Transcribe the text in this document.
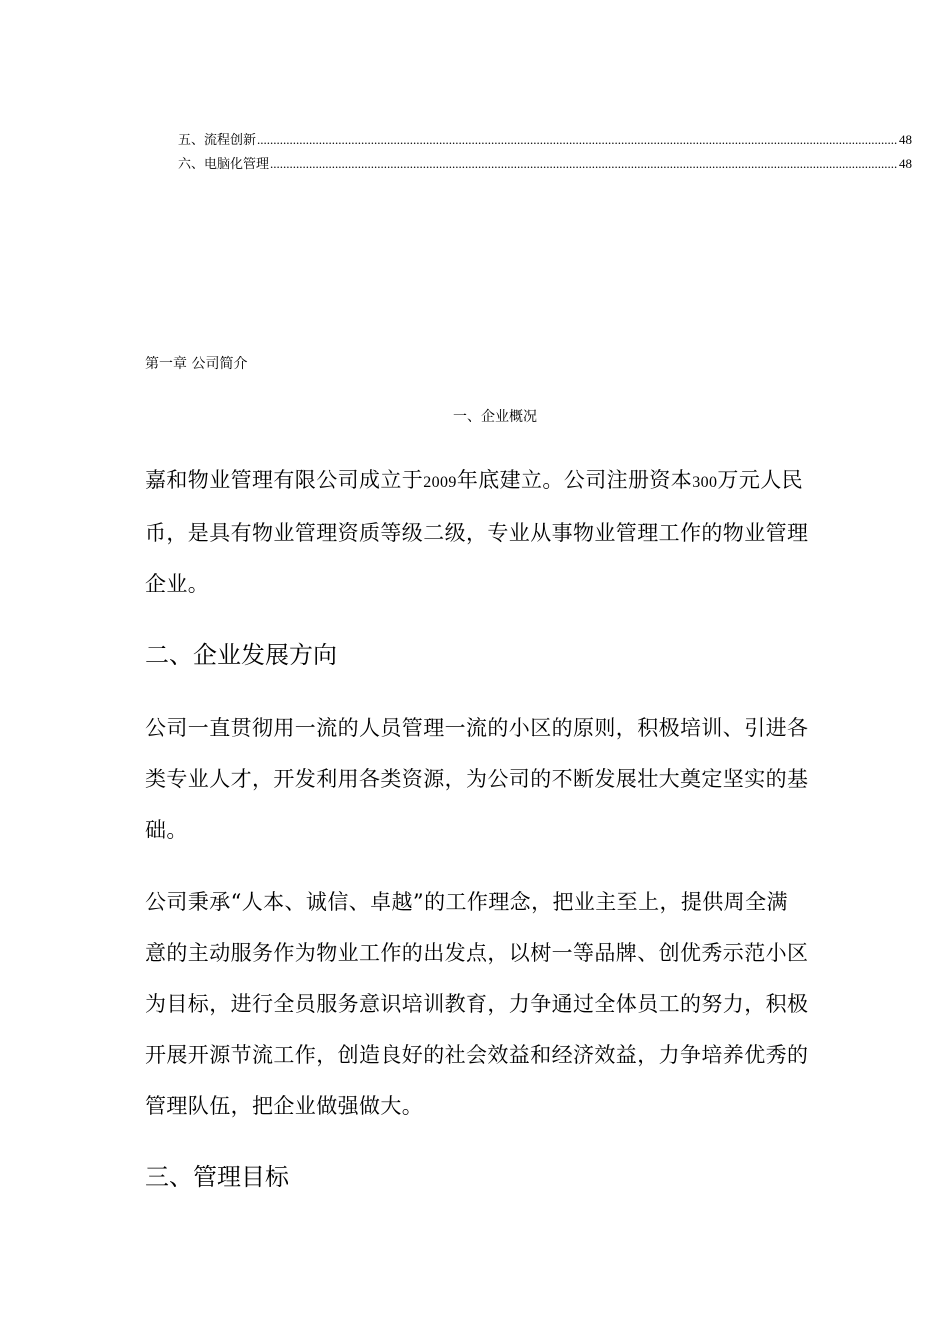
五、流程创新 .....	48
六、电脑化管理 .....	48
第一章 公司简介
一、企业概况

嘉和物业管理有限公司成立于2009年底建立。公司注册资本300万元人民
币，是具有物业管理资质等级二级，专业从事物业管理工作的物业管理
企业。

二、企业发展方向

公司一直贯彻用一流的人员管理一流的小区的原则，积极培训、引进各
类专业人才，开发利用各类资源，为公司的不断发展壮大奠定坚实的基
础。

公司秉承“人本、诚信、卓越”的工作理念，把业主至上，提供周全满
意的主动服务作为物业工作的出发点，以树一等品牌、创优秀示范小区
为目标，进行全员服务意识培训教育，力争通过全体员工的努力，积极
开展开源节流工作，创造良好的社会效益和经济效益，力争培养优秀的
管理队伍，把企业做强做大。

三、管理目标
